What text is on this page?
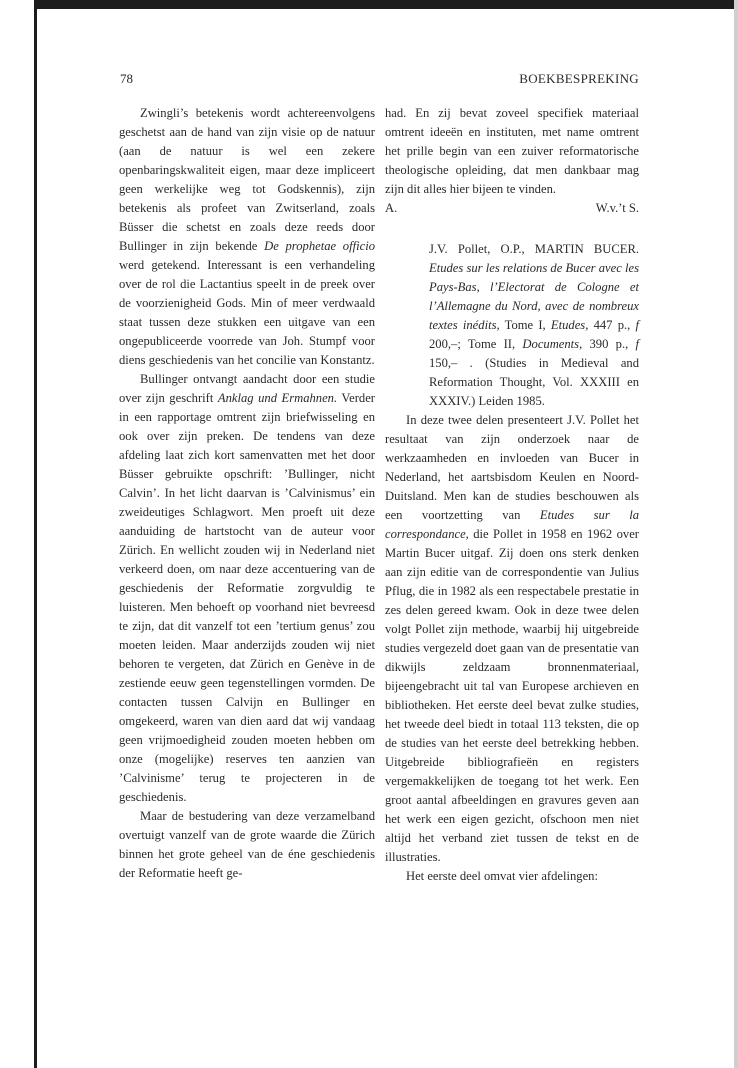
78	BOEKBESPREKING

Zwingli’s betekenis wordt achtereenvolgens geschetst aan de hand van zijn visie op de natuur (aan de natuur is wel een zekere openbaringskwaliteit eigen, maar deze impliceert geen werkelijke weg tot Godskennis), zijn betekenis als profeet van Zwitserland, zoals Büsser die schetst en zoals deze reeds door Bullinger in zijn bekende De prophetae officio werd getekend. Interessant is een verhandeling over de rol die Lactantius speelt in de preek over de voorzienigheid Gods. Min of meer verdwaald staat tussen deze stukken een uitgave van een ongepubliceerde voorrede van Joh. Stumpf voor diens geschiedenis van het concilie van Konstantz.

Bullinger ontvangt aandacht door een studie over zijn geschrift Anklag und Ermahnen. Verder in een rapportage omtrent zijn briefwisseling en ook over zijn preken. De tendens van deze afdeling laat zich kort samenvatten met het door Büsser gebruikte opschrift: ’Bullinger, nicht Calvin’. In het licht daarvan is ’Calvinismus’ ein zweideutiges Schlagwort. Men proeft uit deze aanduiding de hartstocht van de auteur voor Zürich. En wellicht zouden wij in Nederland niet verkeerd doen, om naar deze accentuering van de geschiedenis der Reformatie zorgvuldig te luisteren. Men behoeft op voorhand niet bevreesd te zijn, dat dit vanzelf tot een ’tertium genus’ zou moeten leiden. Maar anderzijds zouden wij niet behoren te vergeten, dat Zürich en Genève in de zestiende eeuw geen tegenstellingen vormden. De contacten tussen Calvijn en Bullinger en omgekeerd, waren van dien aard dat wij vandaag geen vrijmoedigheid zouden moeten hebben om onze (mogelijke) reserves ten aanzien van ’Calvinisme’ terug te projecteren in de geschiedenis.

Maar de bestudering van deze verzamelband overtuigt vanzelf van de grote waarde die Zürich binnen het grote geheel van de éne geschiedenis der Reformatie heeft ge-

had. En zij bevat zoveel specifiek materiaal omtrent ideeën en instituten, met name omtrent het prille begin van een zuiver reformatorische theologische opleiding, dat men dankbaar mag zijn dit alles hier bijeen te vinden.

A.	W.v.’t S.

J.V. Pollet, O.P., MARTIN BUCER. Etudes sur les relations de Bucer avec les Pays-Bas, l’Electorat de Cologne et l’Allemagne du Nord, avec de nombreux textes inédits, Tome I, Etudes, 447 p., f 200,–; Tome II, Documents, 390 p., f 150,– . (Studies in Medieval and Reformation Thought, Vol. XXXIII en XXXIV.) Leiden 1985.

In deze twee delen presenteert J.V. Pollet het resultaat van zijn onderzoek naar de werkzaamheden en invloeden van Bucer in Nederland, het aartsbisdom Keulen en Noord-Duitsland. Men kan de studies beschouwen als een voortzetting van Etudes sur la correspondance, die Pollet in 1958 en 1962 over Martin Bucer uitgaf. Zij doen ons sterk denken aan zijn editie van de correspondentie van Julius Pflug, die in 1982 als een respectabele prestatie in zes delen gereed kwam. Ook in deze twee delen volgt Pollet zijn methode, waarbij hij uitgebreide studies vergezeld doet gaan van de presentatie van dikwijls zeldzaam bronnenmateriaal, bijeengebracht uit tal van Europese archieven en bibliotheken. Het eerste deel bevat zulke studies, het tweede deel biedt in totaal 113 teksten, die op de studies van het eerste deel betrekking hebben. Uitgebreide bibliografieën en registers vergemakkelijken de toegang tot het werk. Een groot aantal afbeeldingen en gravures geven aan het werk een eigen gezicht, ofschoon men niet altijd het verband ziet tussen de tekst en de illustraties.

Het eerste deel omvat vier afdelingen:
